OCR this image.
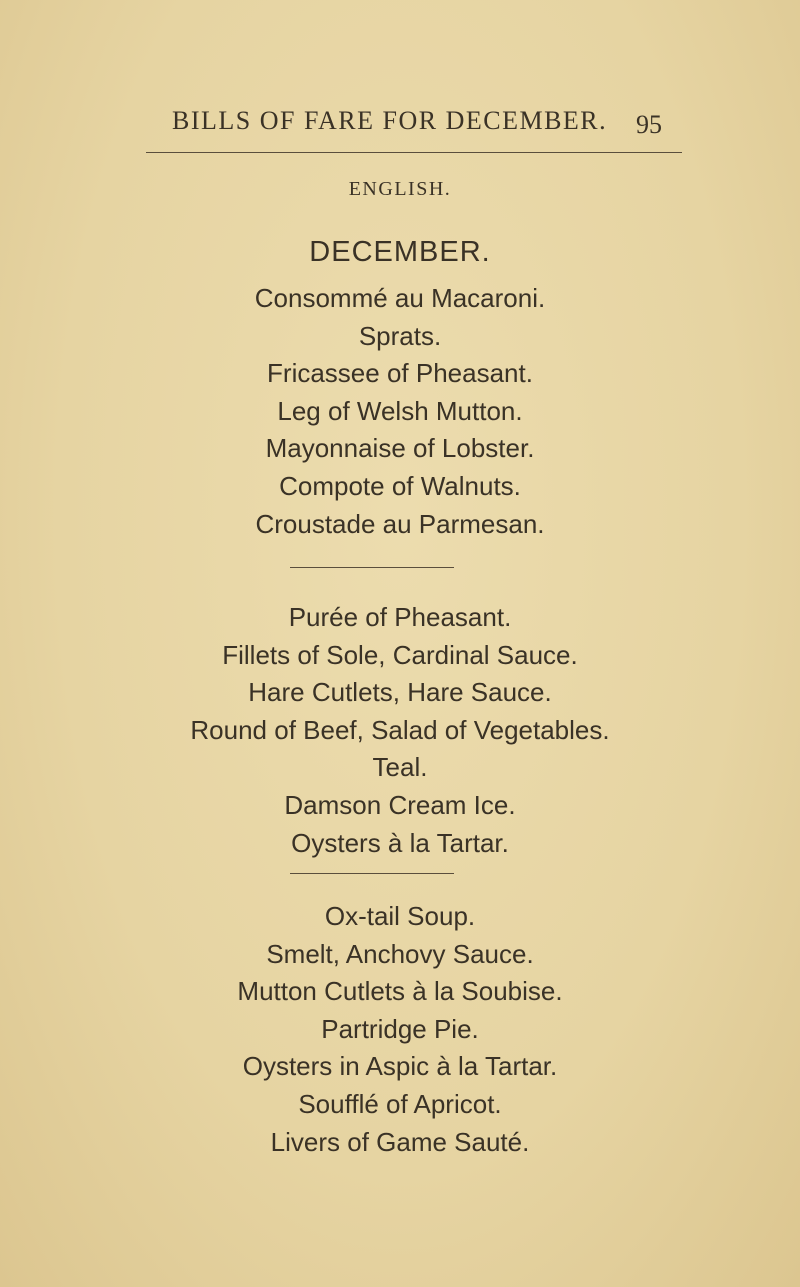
BILLS OF FARE FOR DECEMBER. 95
ENGLISH.
DECEMBER.
Consommé au Macaroni.
Sprats.
Fricassee of Pheasant.
Leg of Welsh Mutton.
Mayonnaise of Lobster.
Compote of Walnuts.
Croustade au Parmesan.
Purée of Pheasant.
Fillets of Sole, Cardinal Sauce.
Hare Cutlets, Hare Sauce.
Round of Beef, Salad of Vegetables.
Teal.
Damson Cream Ice.
Oysters à la Tartar.
Ox-tail Soup.
Smelt, Anchovy Sauce.
Mutton Cutlets à la Soubise.
Partridge Pie.
Oysters in Aspic à la Tartar.
Soufflé of Apricot.
Livers of Game Sauté.
